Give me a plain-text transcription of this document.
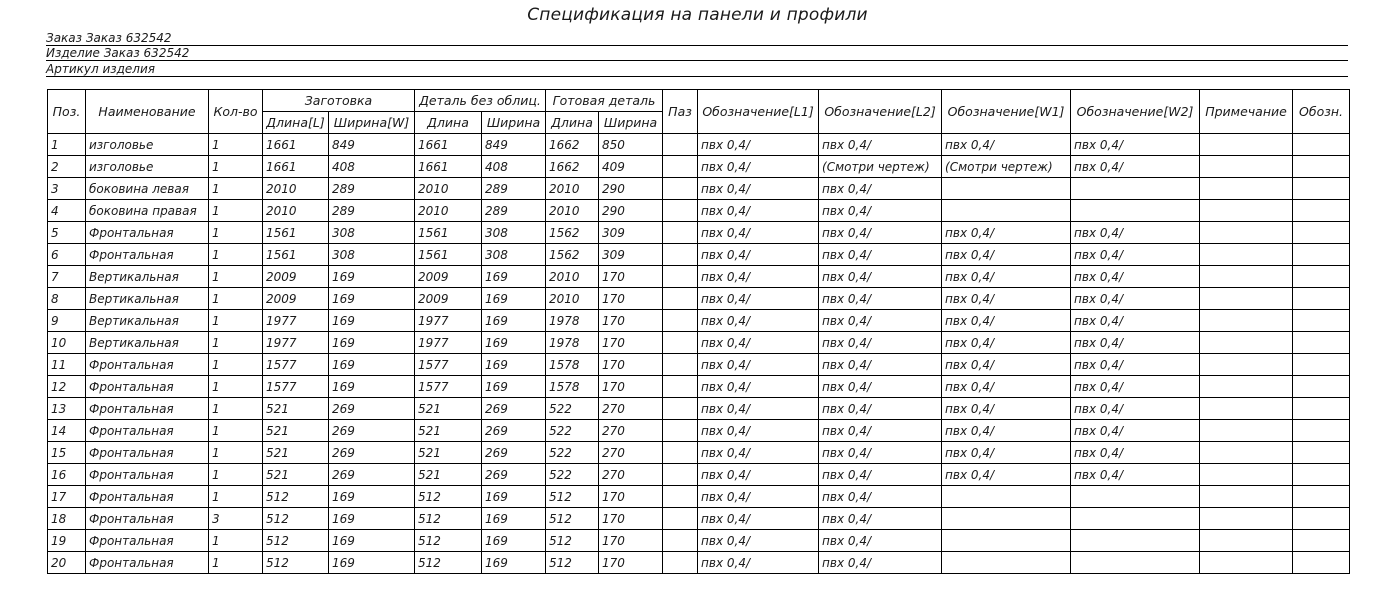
Спецификация на панели и профили
Заказ Заказ 632542
Изделие Заказ 632542
Артикул изделия
Поз.	Наименование	Кол-во	Заготовка		Деталь без облиц.		Готовая деталь		Паз	Обозначение[L1]	Обозначение[L2]	Обозначение[W1]	Обозначение[W2]	Примечание	Обозн.
			Длина[L]	Ширина[W]	Длина	Ширина	Длина	Ширина							
1	изголовье	1	1661	849	1661	849	1662	850		пвх 0,4/	пвх 0,4/	пвх 0,4/	пвх 0,4/		
2	изголовье	1	1661	408	1661	408	1662	409		пвх 0,4/	(Смотри чертеж)	(Смотри чертеж)	пвх 0,4/		
3	боковина левая	1	2010	289	2010	289	2010	290		пвх 0,4/	пвх 0,4/				
4	боковина правая	1	2010	289	2010	289	2010	290		пвх 0,4/	пвх 0,4/				
5	Фронтальная	1	1561	308	1561	308	1562	309		пвх 0,4/	пвх 0,4/	пвх 0,4/	пвх 0,4/		
6	Фронтальная	1	1561	308	1561	308	1562	309		пвх 0,4/	пвх 0,4/	пвх 0,4/	пвх 0,4/		
7	Вертикальная	1	2009	169	2009	169	2010	170		пвх 0,4/	пвх 0,4/	пвх 0,4/	пвх 0,4/		
8	Вертикальная	1	2009	169	2009	169	2010	170		пвх 0,4/	пвх 0,4/	пвх 0,4/	пвх 0,4/		
9	Вертикальная	1	1977	169	1977	169	1978	170		пвх 0,4/	пвх 0,4/	пвх 0,4/	пвх 0,4/		
10	Вертикальная	1	1977	169	1977	169	1978	170		пвх 0,4/	пвх 0,4/	пвх 0,4/	пвх 0,4/		
11	Фронтальная	1	1577	169	1577	169	1578	170		пвх 0,4/	пвх 0,4/	пвх 0,4/	пвх 0,4/		
12	Фронтальная	1	1577	169	1577	169	1578	170		пвх 0,4/	пвх 0,4/	пвх 0,4/	пвх 0,4/		
13	Фронтальная	1	521	269	521	269	522	270		пвх 0,4/	пвх 0,4/	пвх 0,4/	пвх 0,4/		
14	Фронтальная	1	521	269	521	269	522	270		пвх 0,4/	пвх 0,4/	пвх 0,4/	пвх 0,4/		
15	Фронтальная	1	521	269	521	269	522	270		пвх 0,4/	пвх 0,4/	пвх 0,4/	пвх 0,4/		
16	Фронтальная	1	521	269	521	269	522	270		пвх 0,4/	пвх 0,4/	пвх 0,4/	пвх 0,4/		
17	Фронтальная	1	512	169	512	169	512	170		пвх 0,4/	пвх 0,4/				
18	Фронтальная	3	512	169	512	169	512	170		пвх 0,4/	пвх 0,4/				
19	Фронтальная	1	512	169	512	169	512	170		пвх 0,4/	пвх 0,4/				
20	Фронтальная	1	512	169	512	169	512	170		пвх 0,4/	пвх 0,4/				
